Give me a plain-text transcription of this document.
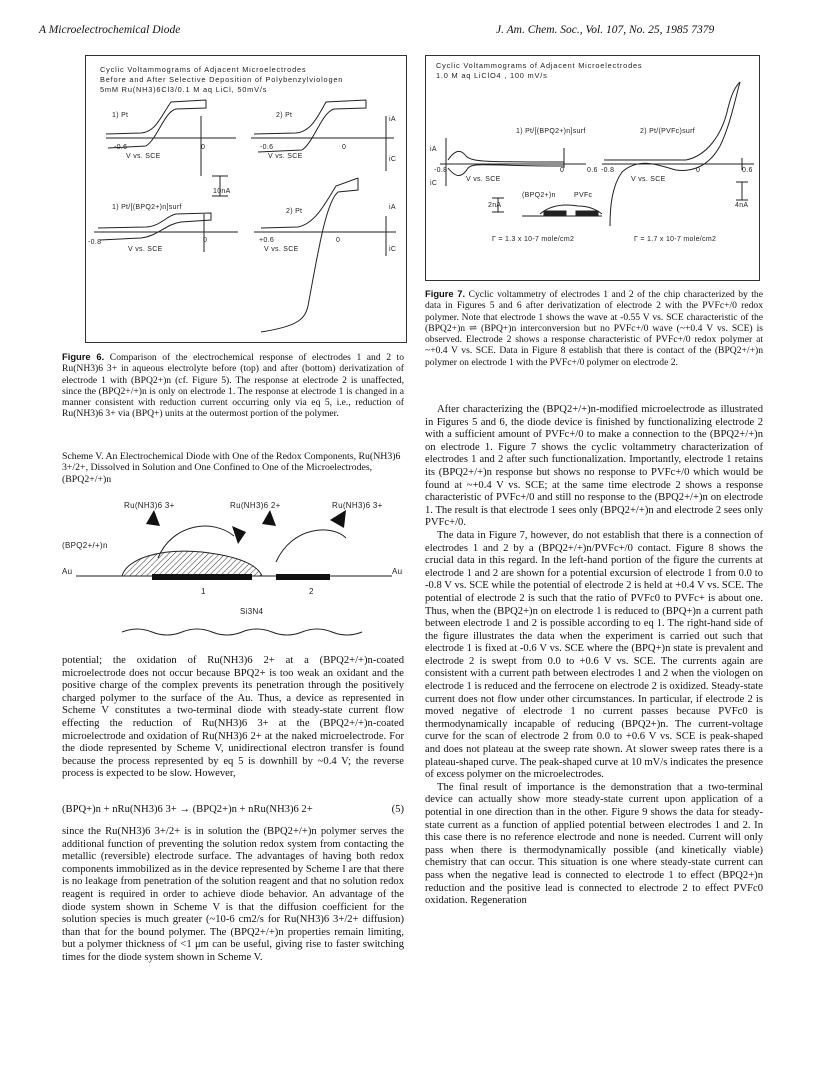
A Microelectrochemical Diode	J. Am. Chem. Soc., Vol. 107, No. 25, 1985 7379
Cyclic Voltammograms of Adjacent Microelectrodes
Before and After Selective Deposition of Polybenzylviologen
5mM Ru(NH3)6Cl3/0.1 M aq LiCl, 50mV/s
1) Pt	2) Pt
1) Pt/[(BPQ2+)n]surf
2) Pt
-0.6
V vs. SCE
0	-0.6
V vs. SCE
0
iA
iC
10nA
-0.8
V vs. SCE
0	+0.6
V vs. SCE
0
iA
iC
Figure 6. Comparison of the electrochemical response of electrodes 1 and 2 to Ru(NH3)6 3+ in aqueous electrolyte before (top) and after (bottom) derivatization of electrode 1 with (BPQ2+)n (cf. Figure 5). The response at electrode 2 is unaffected, since the (BPQ2+/+)n is only on electrode 1. The response at electrode 1 is changed in a manner consistent with reduction current occurring only via eq 5, i.e., reduction of Ru(NH3)6 3+ via (BPQ+) units at the outermost portion of the polymer.
Scheme V. An Electrochemical Diode with One of the Redox Components, Ru(NH3)6 3+/2+, Dissolved in Solution and One Confined to One of the Microelectrodes, (BPQ2+/+)n
Ru(NH3)6 3+	Ru(NH3)6 2+	Ru(NH3)6 3+
(BPQ2+/+)n
Au	Au
1	2
Si3N4

potential; the oxidation of Ru(NH3)6 2+ at a (BPQ2+/+)n-coated microelectrode does not occur because BPQ2+ is too weak an oxidant and the positive charge of the complex prevents its penetration through the positively charged polymer to the surface of the Au. Thus, a device as represented in Scheme V constitutes a two-terminal diode with steady-state current flow effecting the reduction of Ru(NH3)6 3+ at the (BPQ2+/+)n-coated microelectrode and oxidation of Ru(NH3)6 2+ at the naked microelectrode. For the diode represented by Scheme V, unidirectional electron transfer is found because the process represented by eq 5 is downhill by ~0.4 V; the reverse process is expected to be slow. However,

(BPQ+)n + nRu(NH3)6 3+ → (BPQ2+)n + nRu(NH3)6 2+	(5)

since the Ru(NH3)6 3+/2+ is in solution the (BPQ2+/+)n polymer serves the additional function of preventing the solution redox system from contacting the metallic (reversible) electrode surface. The advantages of having both redox components immobilized as in the device represented by Scheme I are that there is no leakage from penetration of the solution reagent and that no solution redox reagent is required in order to achieve diode behavior. An advantage of the diode system shown in Scheme V is that the diffusion coefficient for the solution species is much greater (~10-6 cm2/s for Ru(NH3)6 3+/2+ diffusion) than that for the bound polymer. The (BPQ2+/+)n properties remain limiting, but a polymer thickness of <1 μm can be useful, giving rise to faster switching times for the diode system shown in Scheme V.

Cyclic Voltammograms of Adjacent Microelectrodes
1.0 M aq LiClO4 , 100 mV/s
1) Pt/[(BPQ2+)n]surf	2) Pt/(PVFc)surf
iA
iC
-0.8
V vs. SCE
0	0.6 -0.8
V vs. SCE
0	0.6
2nA	4nA
(BPQ2+)n	PVFc
Γ = 1.3 x 10-7 mole/cm2	Γ = 1.7 x 10-7 mole/cm2
Figure 7. Cyclic voltammetry of electrodes 1 and 2 of the chip characterized by the data in Figures 5 and 6 after derivatization of electrode 2 with the PVFc+/0 redox polymer. Note that electrode 1 shows the wave at -0.55 V vs. SCE characteristic of the (BPQ2+)n ⇌ (BPQ+)n interconversion but no PVFc+/0 wave (~+0.4 V vs. SCE) is observed. Electrode 2 shows a response characteristic of PVFc+/0 redox polymer at ~+0.4 V vs. SCE. Data in Figure 8 establish that there is contact of the (BPQ2+/+)n polymer on electrode 1 with the PVFc+/0 polymer on electrode 2.

After characterizing the (BPQ2+/+)n-modified microelectrode as illustrated in Figures 5 and 6, the diode device is finished by functionalizing electrode 2 with a sufficient amount of PVFc+/0 to make a connection to the (BPQ2+/+)n on electrode 1. Figure 7 shows the cyclic voltammetry characterization of electrodes 1 and 2 after such functionalization. Importantly, electrode 1 retains its (BPQ2+/+)n response but shows no response to PVFc+/0 which would be found at ~+0.4 V vs. SCE; at the same time electrode 2 shows a response characteristic of PVFc+/0 and still no response to the (BPQ2+/+)n on electrode 1. The result is that electrode 1 sees only (BPQ2+/+)n and electrode 2 sees only PVFc+/0.

The data in Figure 7, however, do not establish that there is a connection of electrodes 1 and 2 by a (BPQ2+/+)n/PVFc+/0 contact. Figure 8 shows the crucial data in this regard. In the left-hand portion of the figure the currents at electrode 1 and 2 are shown for a potential excursion of electrode 1 from 0.0 to -0.8 V vs. SCE while the potential of electrode 2 is held at +0.4 V vs. SCE. The potential of electrode 2 is such that the ratio of PVFc0 to PVFc+ is about one. Thus, when the (BPQ2+)n on electrode 1 is reduced to (BPQ+)n a current path between electrode 1 and 2 is possible according to eq 1. The right-hand side of the figure illustrates the data when the experiment is carried out such that electrode 1 is fixed at -0.6 V vs. SCE where the (BPQ+)n state is prevalent and electrode 2 is swept from 0.0 to +0.6 V vs. SCE. The currents again are consistent with a current path between electrodes 1 and 2 when the viologen on electrode 1 is reduced and the ferrocene on electrode 2 is oxidized. Steady-state current does not flow under other circumstances. In particular, if electrode 2 is moved negative of electrode 1 no current passes because PVFc0 is thermodynamically incapable of reducing (BPQ2+)n. The current-voltage curve for the scan of electrode 2 from 0.0 to +0.6 V vs. SCE is peak-shaped and does not plateau at the sweep rate shown. At slower sweep rates there is a plateau-shaped curve. The peak-shaped curve at 10 mV/s indicates the presence of excess polymer on the microelectrodes.

The final result of importance is the demonstration that a two-terminal device can actually show more steady-state current upon application of a potential in one direction than in the other. Figure 9 shows the data for steady-state current as a function of applied potential between electrodes 1 and 2. In this case there is no reference electrode and none is needed. Current will only pass when there is thermodynamically possible (and kinetically viable) chemistry that can occur. This situation is one where steady-state current can pass when the negative lead is connected to electrode 1 to effect (BPQ2+)n reduction and the positive lead is connected to electrode 2 to effect PVFc0 oxidation. Regeneration
